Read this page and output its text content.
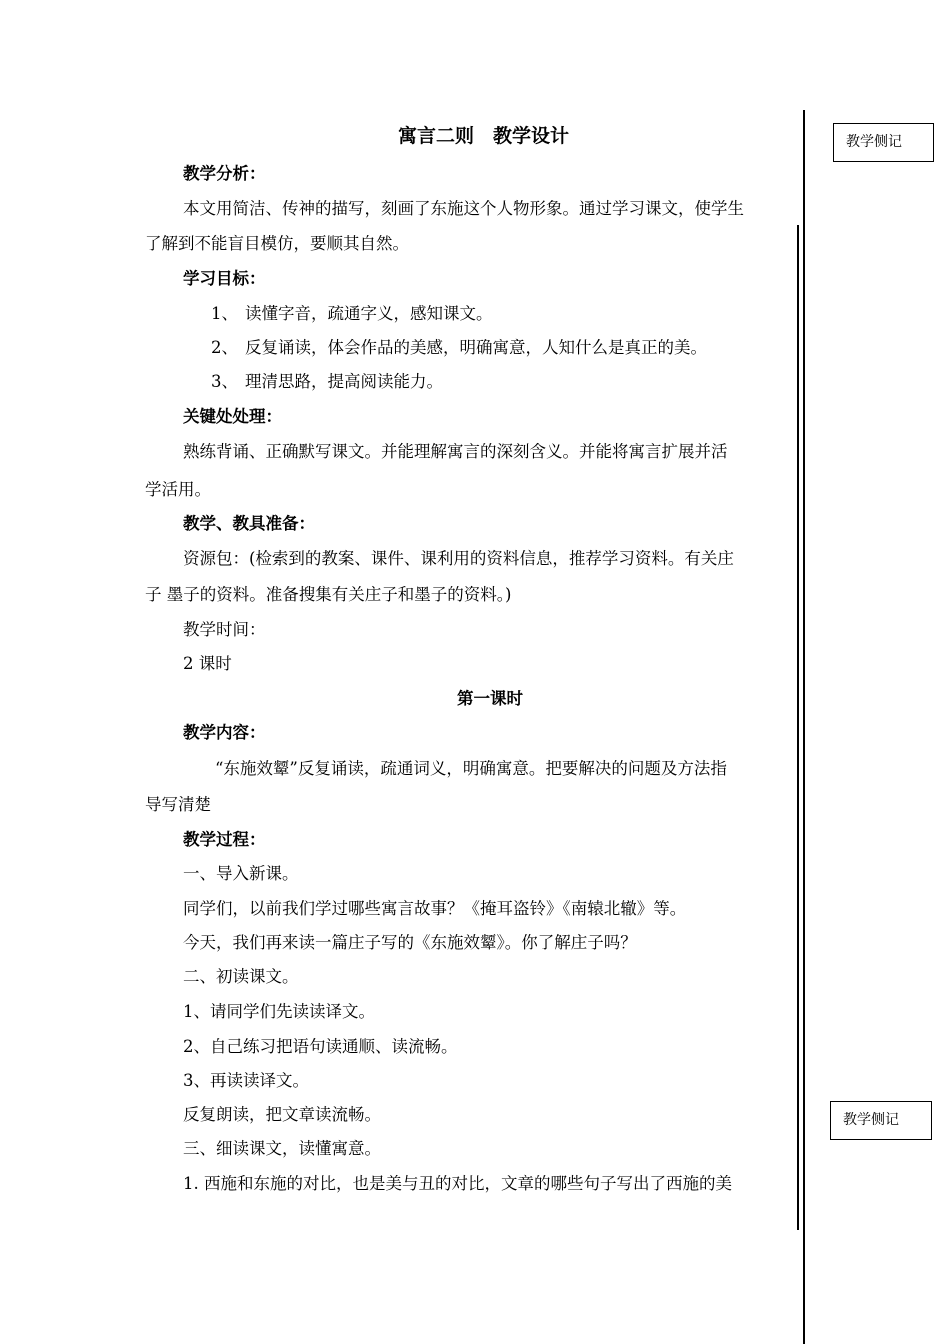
教学侧记
教学侧记
寓言二则　教学设计
教学分析：
本文用简洁、传神的描写，刻画了东施这个人物形象。通过学习课文，使学生
了解到不能盲目模仿，要顺其自然。
学习目标：
1、 读懂字音，疏通字义，感知课文。
2、 反复诵读，体会作品的美感，明确寓意，人知什么是真正的美。
3、 理清思路，提高阅读能力。
关键处处理：
熟练背诵、正确默写课文。并能理解寓言的深刻含义。并能将寓言扩展并活
学活用。
教学、教具准备：
资源包：(检索到的教案、课件、课利用的资料信息，推荐学习资料。有关庄
子 墨子的资料。准备搜集有关庄子和墨子的资料。)
教学时间：
2 课时
第一课时
教学内容：
“东施效颦”反复诵读，疏通词义，明确寓意。把要解决的问题及方法指
导写清楚
教学过程：
一、导入新课。
同学们，以前我们学过哪些寓言故事？《掩耳盗铃》《南辕北辙》等。
今天，我们再来读一篇庄子写的《东施效颦》。你了解庄子吗？
二、初读课文。
1、请同学们先读读译文。
2、自己练习把语句读通顺、读流畅。
3、再读读译文。
反复朗读，把文章读流畅。
三、细读课文，读懂寓意。
1. 西施和东施的对比，也是美与丑的对比，文章的哪些句子写出了西施的美
